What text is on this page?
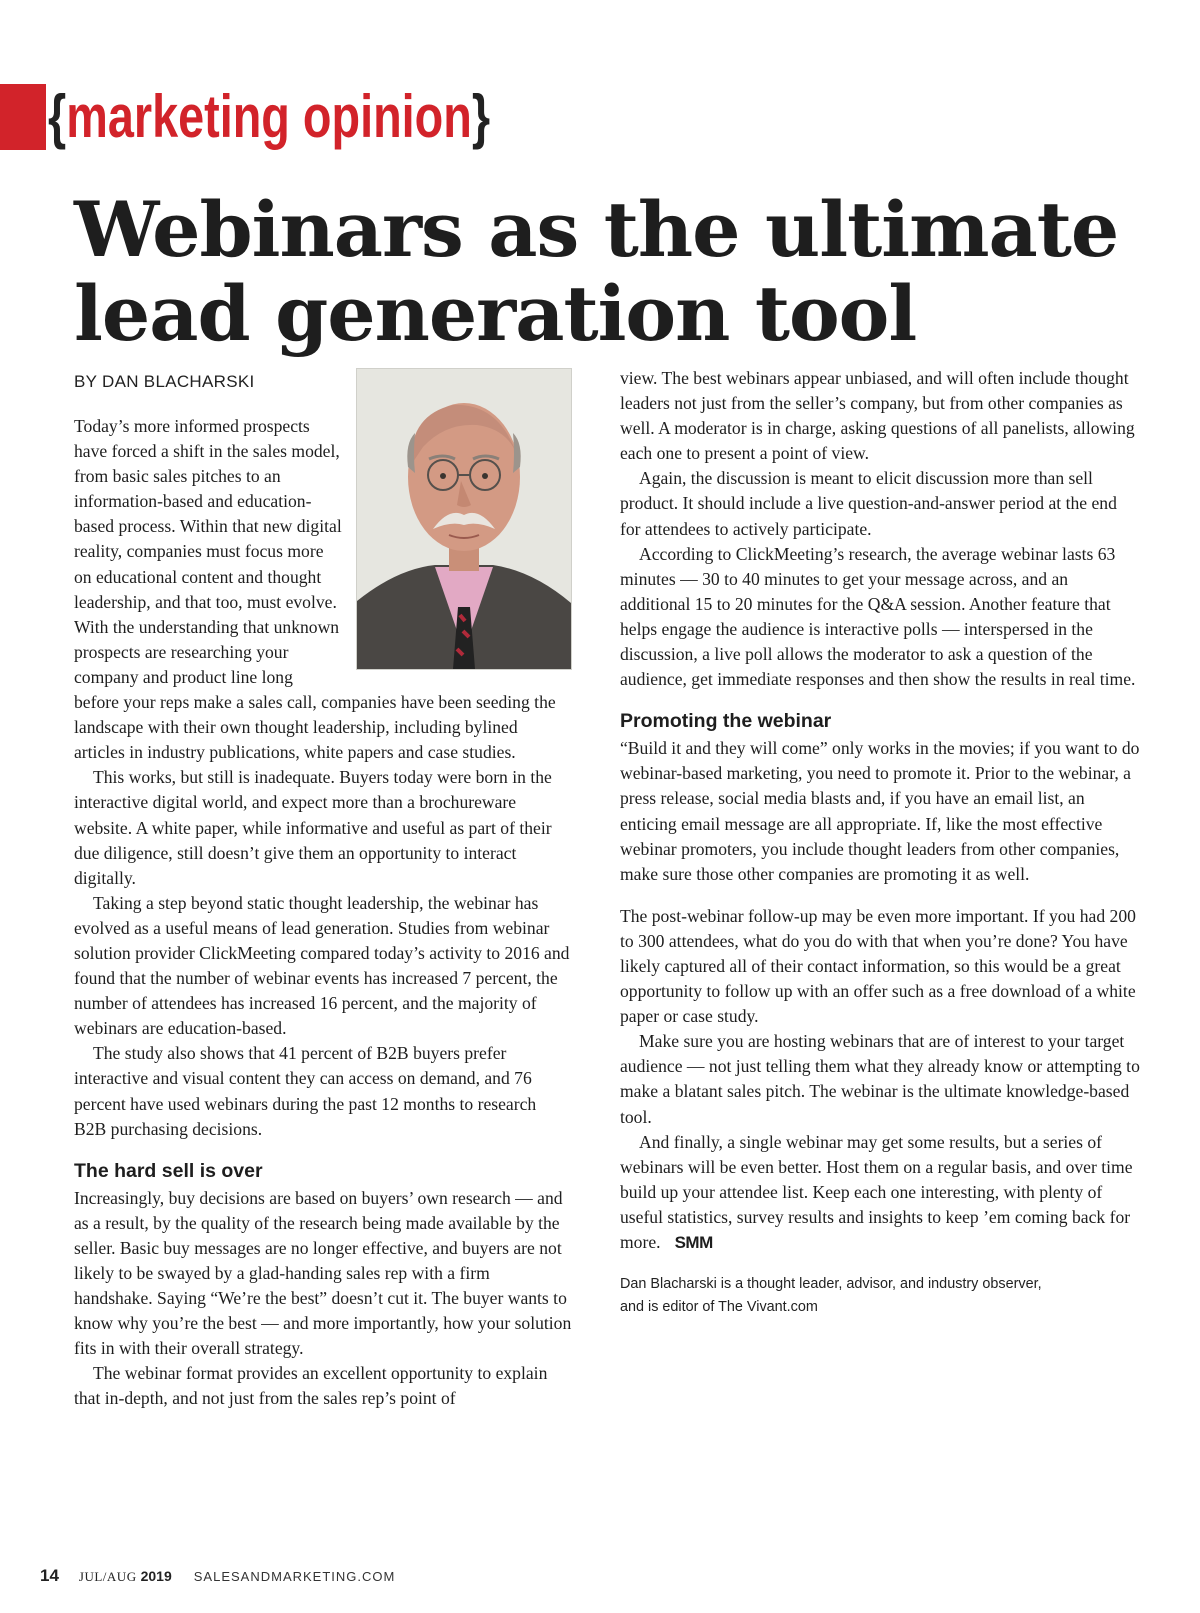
{marketing opinion}
Webinars as the ultimate lead generation tool

BY DAN BLACHARSKI

Today’s more informed prospects have forced a shift in the sales model, from basic sales pitches to an information-based and education-based process. Within that new digital reality, companies must focus more on educational content and thought leadership, and that too, must evolve. With the understanding that unknown prospects are researching your company and product line long before your reps make a sales call, companies have been seeding the landscape with their own thought leadership, including bylined articles in industry publications, white papers and case studies.

This works, but still is inadequate. Buyers today were born in the interactive digital world, and expect more than a brochureware website. A white paper, while informative and useful as part of their due diligence, still doesn’t give them an opportunity to interact digitally.

Taking a step beyond static thought leadership, the webinar has evolved as a useful means of lead generation. Studies from webinar solution provider ClickMeeting compared today’s activity to 2016 and found that the number of webinar events has increased 7 percent, the number of attendees has increased 16 percent, and the majority of webinars are education-based.

The study also shows that 41 percent of B2B buyers prefer interactive and visual content they can access on demand, and 76 percent have used webinars during the past 12 months to research B2B purchasing decisions.

The hard sell is over

Increasingly, buy decisions are based on buyers’ own research — and as a result, by the quality of the research being made available by the seller. Basic buy messages are no longer effective, and buyers are not likely to be swayed by a glad-handing sales rep with a firm handshake. Saying “We’re the best” doesn’t cut it. The buyer wants to know why you’re the best — and more importantly, how your solution fits in with their overall strategy.

The webinar format provides an excellent opportunity to explain that in-depth, and not just from the sales rep’s point of

view. The best webinars appear unbiased, and will often include thought leaders not just from the seller’s company, but from other companies as well. A moderator is in charge, asking questions of all panelists, allowing each one to present a point of view.

Again, the discussion is meant to elicit discussion more than sell product. It should include a live question-and-answer period at the end for attendees to actively participate.

According to ClickMeeting’s research, the average webinar lasts 63 minutes — 30 to 40 minutes to get your message across, and an additional 15 to 20 minutes for the Q&A session. Another feature that helps engage the audience is interactive polls — interspersed in the discussion, a live poll allows the moderator to ask a question of the audience, get immediate responses and then show the results in real time.

Promoting the webinar

“Build it and they will come” only works in the movies; if you want to do webinar-based marketing, you need to promote it. Prior to the webinar, a press release, social media blasts and, if you have an email list, an enticing email message are all appropriate. If, like the most effective webinar promoters, you include thought leaders from other companies, make sure those other companies are promoting it as well.

The post-webinar follow-up may be even more important. If you had 200 to 300 attendees, what do you do with that when you’re done? You have likely captured all of their contact information, so this would be a great opportunity to follow up with an offer such as a free download of a white paper or case study.

Make sure you are hosting webinars that are of interest to your target audience — not just telling them what they already know or attempting to make a blatant sales pitch. The webinar is the ultimate knowledge-based tool.

And finally, a single webinar may get some results, but a series of webinars will be even better. Host them on a regular basis, and over time build up your attendee list. Keep each one interesting, with plenty of useful statistics, survey results and insights to keep ’em coming back for more. SMM

Dan Blacharski is a thought leader, advisor, and industry observer,
and is editor of The Vivant.com
14 JUL/AUG 2019 SALESANDMARKETING.COM
